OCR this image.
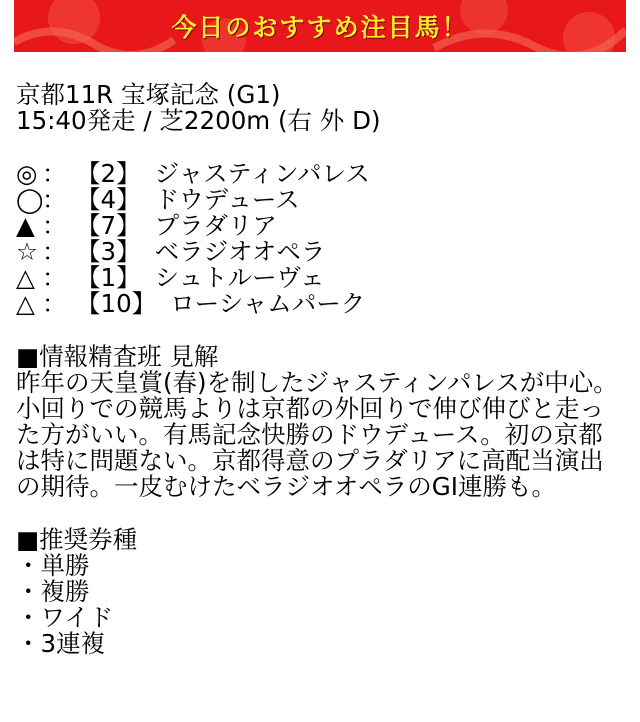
今日のおすすめ注目馬！
京都11R 宝塚記念 (G1)
15:40発走 / 芝2200m (右 外 D)
◎ ： 【2】 ジャスティンパレス
◯
： 【4】 ドウデュース
▲ ： 【7】 プラダリア
☆ ： 【3】 ベラジオオペラ
△ ： 【1】 シュトルーヴェ
△ ： 【10】 ローシャムパーク
■情報精査班 見解
昨年の天皇賞(春)を制したジャスティンパレスが中心。小回りでの競馬よりは京都の外回りで伸び伸びと走った方がいい。有馬記念快勝のドウデュース。初の京都は特に問題ない。京都得意のプラダリアに高配当演出の期待。一皮むけたベラジオオペラのGI連勝も。
■推奨券種
・単勝
・複勝
・ワイド
・3連複
